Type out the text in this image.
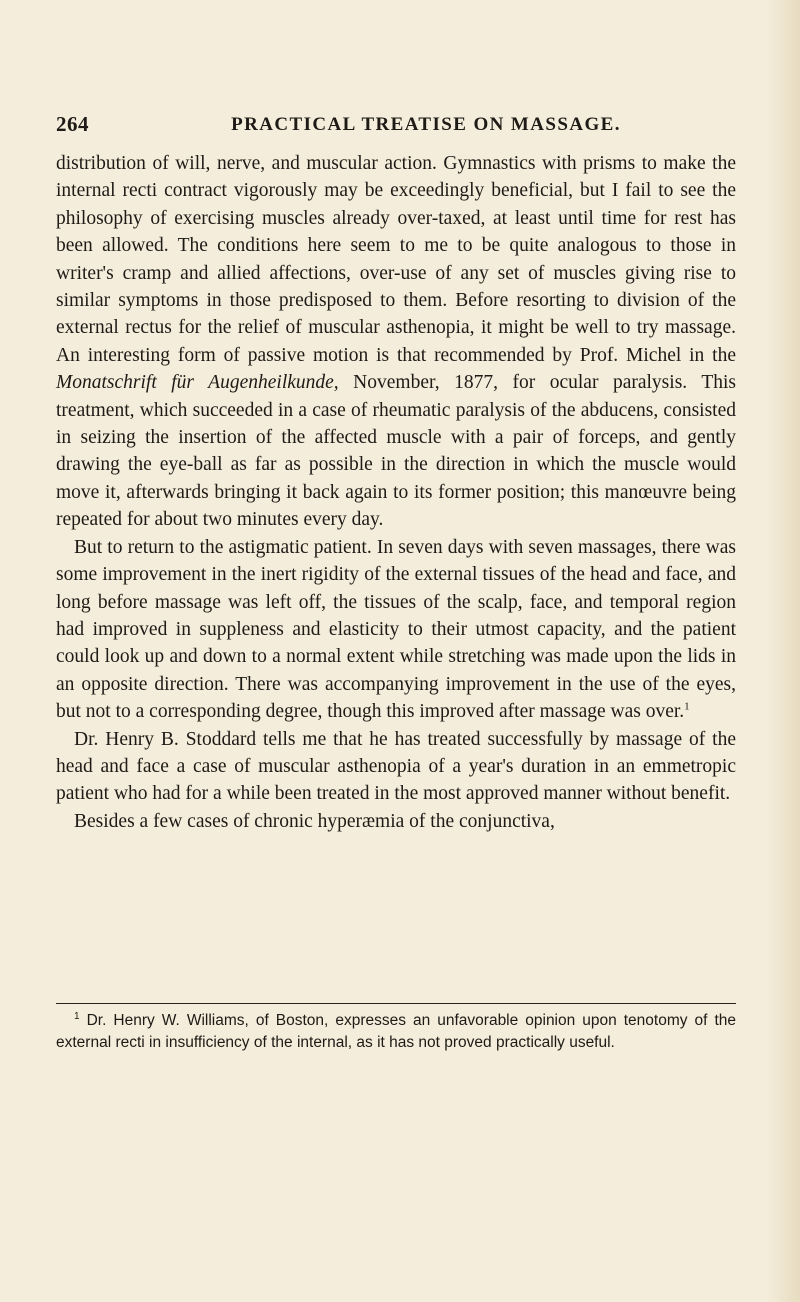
264	PRACTICAL TREATISE ON MASSAGE.

distribution of will, nerve, and muscular action. Gymnastics with prisms to make the internal recti contract vigorously may be exceedingly beneficial, but I fail to see the philosophy of exercising muscles already over-taxed, at least until time for rest has been allowed. The conditions here seem to me to be quite analogous to those in writer's cramp and allied affections, over-use of any set of muscles giving rise to similar symptoms in those predisposed to them. Before resorting to division of the external rectus for the relief of muscular asthenopia, it might be well to try massage. An interesting form of passive motion is that recommended by Prof. Michel in the Monatschrift für Augenheilkunde, November, 1877, for ocular paralysis. This treatment, which succeeded in a case of rheumatic paralysis of the abducens, consisted in seizing the insertion of the affected muscle with a pair of forceps, and gently drawing the eye-ball as far as possible in the direction in which the muscle would move it, afterwards bringing it back again to its former position; this manœuvre being repeated for about two minutes every day.

But to return to the astigmatic patient. In seven days with seven massages, there was some improvement in the inert rigidity of the external tissues of the head and face, and long before massage was left off, the tissues of the scalp, face, and temporal region had improved in suppleness and elasticity to their utmost capacity, and the patient could look up and down to a normal extent while stretching was made upon the lids in an opposite direction. There was accompanying improvement in the use of the eyes, but not to a corresponding degree, though this improved after massage was over.$^1$

Dr. Henry B. Stoddard tells me that he has treated successfully by massage of the head and face a case of muscular asthenopia of a year's duration in an emmetropic patient who had for a while been treated in the most approved manner without benefit.

Besides a few cases of chronic hyperæmia of the conjunctiva,

$^1$ Dr. Henry W. Williams, of Boston, expresses an unfavorable opinion upon tenotomy of the external recti in insufficiency of the internal, as it has not proved practically useful.
